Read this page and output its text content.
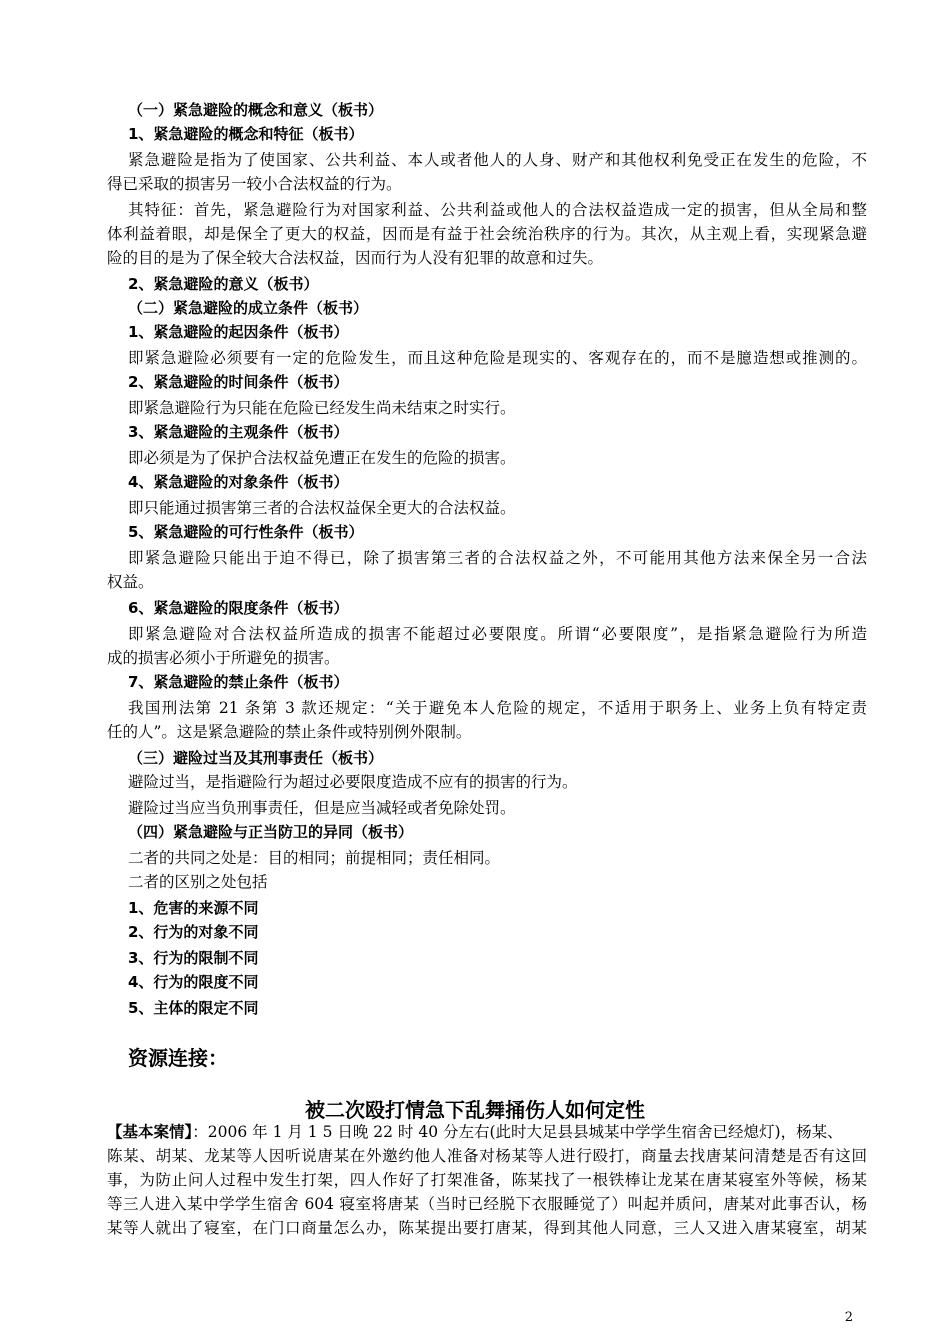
（一）紧急避险的概念和意义（板书）
1、紧急避险的概念和特征（板书）
紧急避险是指为了使国家、公共利益、本人或者他人的人身、财产和其他权利免受正在发生的危险，不
得已采取的损害另一较小合法权益的行为。
其特征：首先，紧急避险行为对国家利益、公共利益或他人的合法权益造成一定的损害，但从全局和整
体利益着眼，却是保全了更大的权益，因而是有益于社会统治秩序的行为。其次，从主观上看，实现紧急避
险的目的是为了保全较大合法权益，因而行为人没有犯罪的故意和过失。
2、紧急避险的意义（板书）
（二）紧急避险的成立条件（板书）
1、紧急避险的起因条件（板书）
即紧急避险必须要有一定的危险发生，而且这种危险是现实的、客观存在的，而不是臆造想或推测的。
2、紧急避险的时间条件（板书）
即紧急避险行为只能在危险已经发生尚未结束之时实行。
3、紧急避险的主观条件（板书）
即必须是为了保护合法权益免遭正在发生的危险的损害。
4、紧急避险的对象条件（板书）
即只能通过损害第三者的合法权益保全更大的合法权益。
5、紧急避险的可行性条件（板书）
即紧急避险只能出于迫不得已，除了损害第三者的合法权益之外，不可能用其他方法来保全另一合法
权益。
6、紧急避险的限度条件（板书）
即紧急避险对合法权益所造成的损害不能超过必要限度。所谓“必要限度”，是指紧急避险行为所造
成的损害必须小于所避免的损害。
7、紧急避险的禁止条件（板书）
我国刑法第 21 条第 3 款还规定：“关于避免本人危险的规定，不适用于职务上、业务上负有特定责
任的人”。这是紧急避险的禁止条件或特别例外限制。
（三）避险过当及其刑事责任（板书）
避险过当，是指避险行为超过必要限度造成不应有的损害的行为。
避险过当应当负刑事责任，但是应当减轻或者免除处罚。
（四）紧急避险与正当防卫的异同（板书）
二者的共同之处是：目的相同；前提相同；责任相同。
二者的区别之处包括
1、危害的来源不同
2、行为的对象不同
3、行为的限制不同
4、行为的限度不同
5、主体的限定不同
资源连接：
被二次殴打情急下乱舞捅伤人如何定性
【基本案情】：2006 年 1 月 1 5 日晚 22 时 40 分左右(此时大足县县城某中学学生宿舍已经熄灯)，杨某、
陈某、胡某、龙某等人因听说唐某在外邀约他人准备对杨某等人进行殴打，商量去找唐某问清楚是否有这回
事，为防止问人过程中发生打架，四人作好了打架准备，陈某找了一根铁棒让龙某在唐某寝室外等候，杨某
等三人进入某中学学生宿舍 604 寝室将唐某（当时已经脱下衣服睡觉了）叫起并质问，唐某对此事否认，杨
某等人就出了寝室，在门口商量怎么办，陈某提出要打唐某，得到其他人同意，三人又进入唐某寝室，胡某
2
